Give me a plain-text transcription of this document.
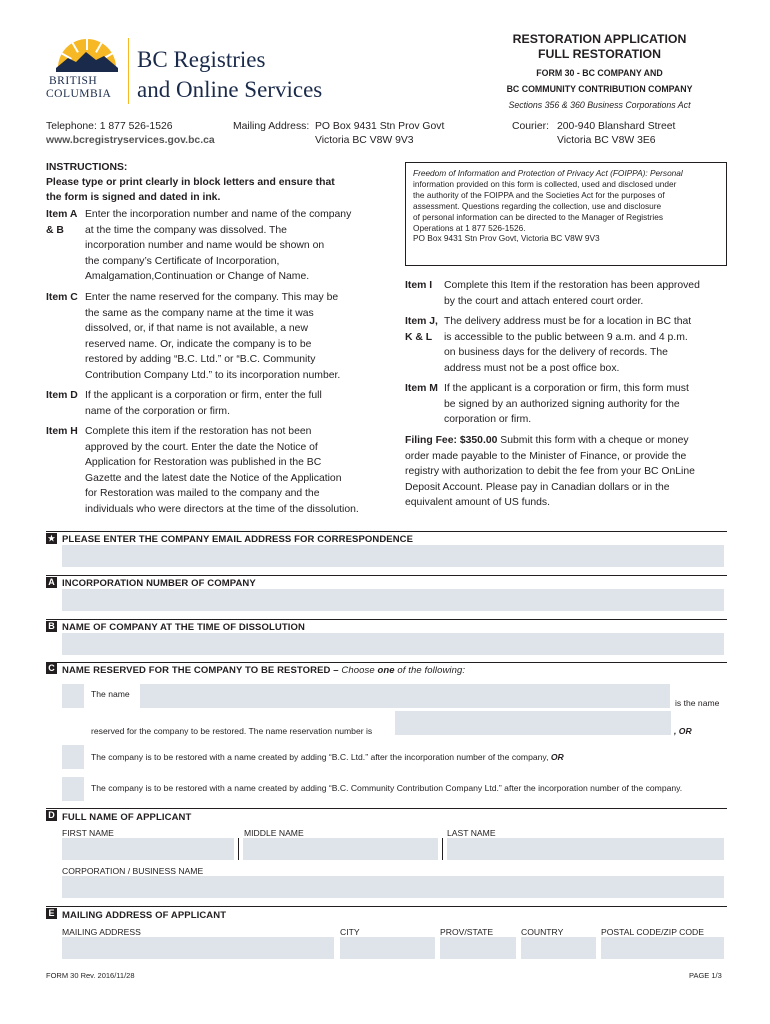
BRITISH
COLUMBIA
BC Registries
and Online Services
RESTORATION APPLICATION
FULL RESTORATION
FORM 30 - BC COMPANY AND
BC COMMUNITY CONTRIBUTION COMPANY
Sections 356 & 360 Business Corporations Act
Telephone: 1 877 526-1526
www.bcregistryservices.gov.bc.ca
Mailing Address: PO Box 9431 Stn Prov Govt
Victoria BC V8W 9V3
Courier: 200-940 Blanshard Street
Victoria BC V8W 3E6
INSTRUCTIONS:
Please type or print clearly in block letters and ensure that
the form is signed and dated in ink.
Item A
& B
Enter the incorporation number and name of the company
at the time the company was dissolved. The
incorporation number and name would be shown on
the company’s Certificate of Incorporation,
Amalgamation,Continuation or Change of Name.
Item C Enter the name reserved for the company. This may be
the same as the company name at the time it was
dissolved, or, if that name is not available, a new
reserved name. Or, indicate the company is to be
restored by adding “B.C. Ltd.” or “B.C. Community
Contribution Company Ltd.” to its incorporation number.
Item D If the applicant is a corporation or firm, enter the full
name of the corporation or firm.
Item H Complete this item if the restoration has not been
approved by the court. Enter the date the Notice of
Application for Restoration was published in the BC
Gazette and the latest date the Notice of the Application
for Restoration was mailed to the company and the
individuals who were directors at the time of the dissolution.
Freedom of Information and Protection of Privacy Act (FOIPPA): Personal
information provided on this form is collected, used and disclosed under
the authority of the FOIPPA and the Societies Act for the purposes of
assessment. Questions regarding the collection, use and disclosure
of personal information can be directed to the Manager of Registries
Operations at 1 877 526-1526.
PO Box 9431 Stn Prov Govt, Victoria BC V8W 9V3
Item I Complete this Item if the restoration has been approved
by the court and attach entered court order.
Item J,
K & L
The delivery address must be for a location in BC that
is accessible to the public between 9 a.m. and 4 p.m.
on business days for the delivery of records. The
address must not be a post office box.
Item M If the applicant is a corporation or firm, this form must
be signed by an authorized signing authority for the
corporation or firm.
Filing Fee: $350.00 Submit this form with a cheque or money
order made payable to the Minister of Finance, or provide the
registry with authorization to debit the fee from your BC OnLine
Deposit Account. Please pay in Canadian dollars or in the
equivalent amount of US funds.
★ PLEASE ENTER THE COMPANY EMAIL ADDRESS FOR CORRESPONDENCE
A INCORPORATION NUMBER OF COMPANY
B NAME OF COMPANY AT THE TIME OF DISSOLUTION
C NAME RESERVED FOR THE COMPANY TO BE RESTORED – Choose one of the following:
The name
is the name
reserved for the company to be restored. The name reservation number is	, OR
The company is to be restored with a name created by adding “B.C. Ltd.” after the incorporation number of the company, OR
The company is to be restored with a name created by adding “B.C. Community Contribution Company Ltd.” after the incorporation number of the company.
D FULL NAME OF APPLICANT
FIRST NAME	MIDDLE NAME	LAST NAME
CORPORATION / BUSINESS NAME
E MAILING ADDRESS OF APPLICANT
MAILING ADDRESS	CITY	PROV/STATE	COUNTRY	POSTAL CODE/ZIP CODE
FORM 30 Rev. 2016/11/28	PAGE 1/3
